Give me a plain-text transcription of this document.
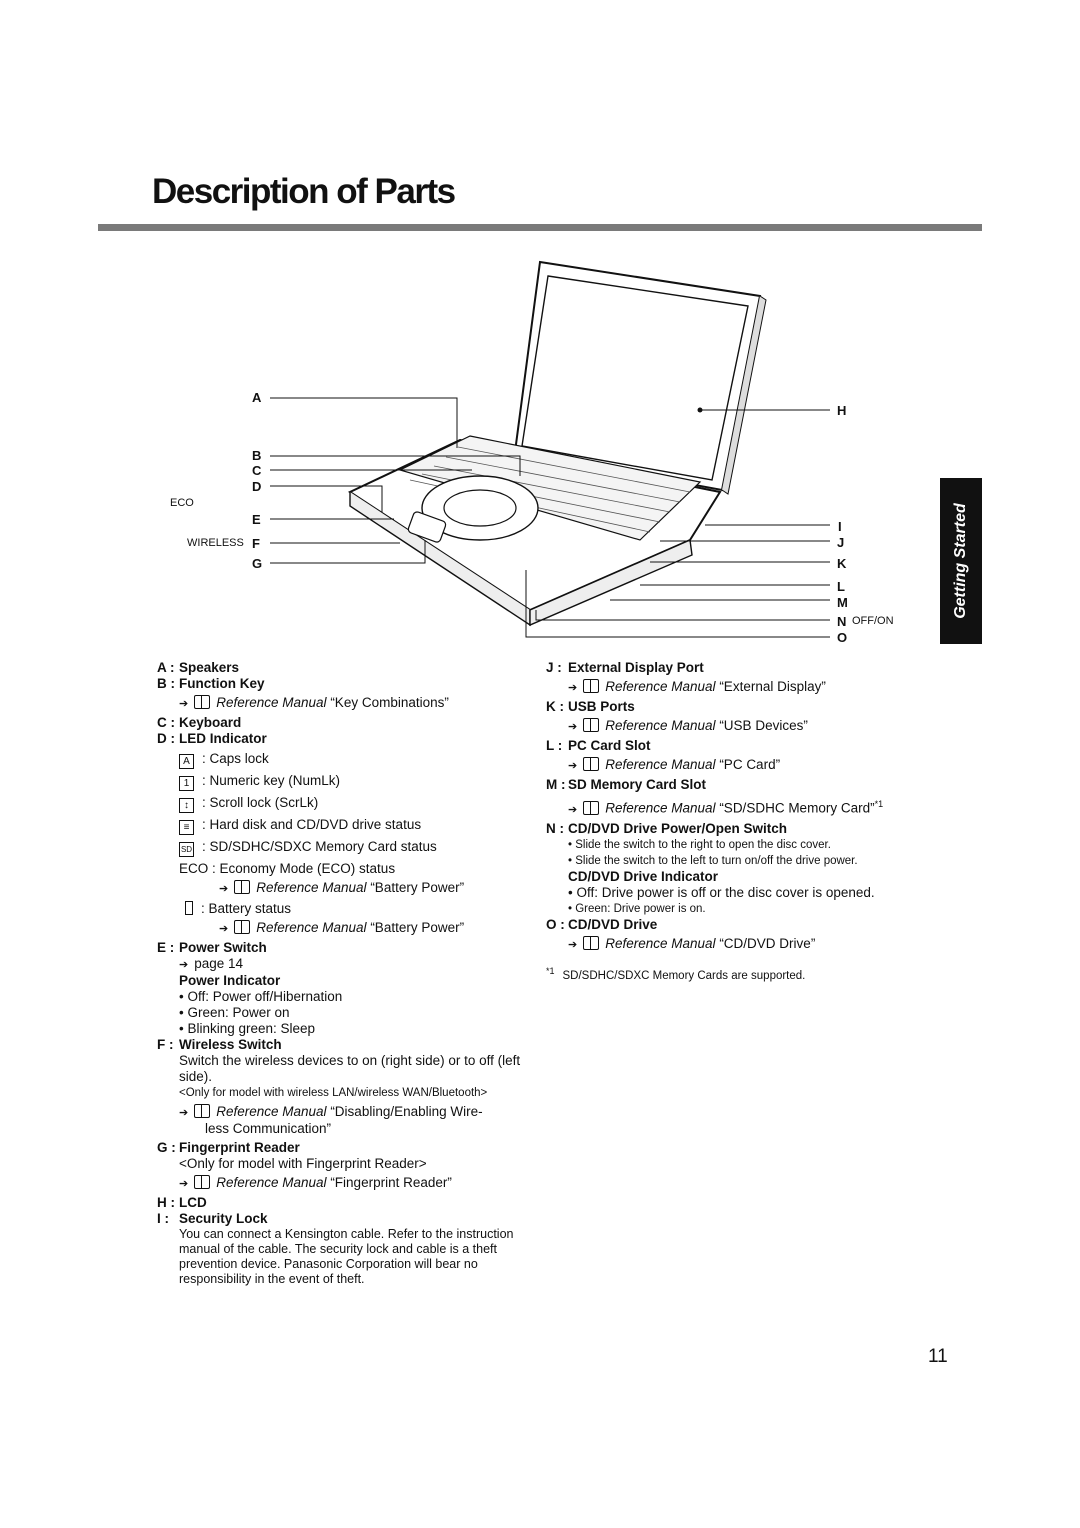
Description of Parts
Getting Started
A
B
C
D
E
F
G
ECO
WIRELESS
H
I
J
K
L
M
N OFF/ON
O
A : Speakers
B : Function Key
➔ Reference Manual “Key Combinations”
C : Keyboard
D : LED Indicator
A : Caps lock
1 : Numeric key (NumLk)
↕ : Scroll lock (ScrLk)
≡ : Hard disk and CD/DVD drive status
SD : SD/SDHC/SDXC Memory Card status
ECO : Economy Mode (ECO) status
➔ Reference Manual “Battery Power”
: Battery status
➔ Reference Manual “Battery Power”
E : Power Switch
➔ page 14
Power Indicator
• Off: Power off/Hibernation
• Green: Power on
• Blinking green: Sleep
F : Wireless Switch
Switch the wireless devices to on (right side) or to off (left side).
<Only for model with wireless LAN/wireless WAN/Bluetooth>
➔ Reference Manual “Disabling/Enabling Wire-
less Communication”
G : Fingerprint Reader
<Only for model with Fingerprint Reader>
➔ Reference Manual “Fingerprint Reader”
H : LCD
I : Security Lock
You can connect a Kensington cable. Refer to the instruction manual of the cable. The security lock and cable is a theft prevention device. Panasonic Corporation will bear no responsibility in the event of theft.
J : External Display Port
➔ Reference Manual “External Display”
K : USB Ports
➔ Reference Manual “USB Devices”
L : PC Card Slot
➔ Reference Manual “PC Card”
M : SD Memory Card Slot
➔ Reference Manual “SD/SDHC Memory Card”$^{*1}$
N : CD/DVD Drive Power/Open Switch
• Slide the switch to the right to open the disc cover.
• Slide the switch to the left to turn on/off the drive power.
CD/DVD Drive Indicator
• Off: Drive power is off or the disc cover is opened.
• Green: Drive power is on.
O : CD/DVD Drive
➔ Reference Manual “CD/DVD Drive”
$^{*1}$ SD/SDHC/SDXC Memory Cards are supported.
11
